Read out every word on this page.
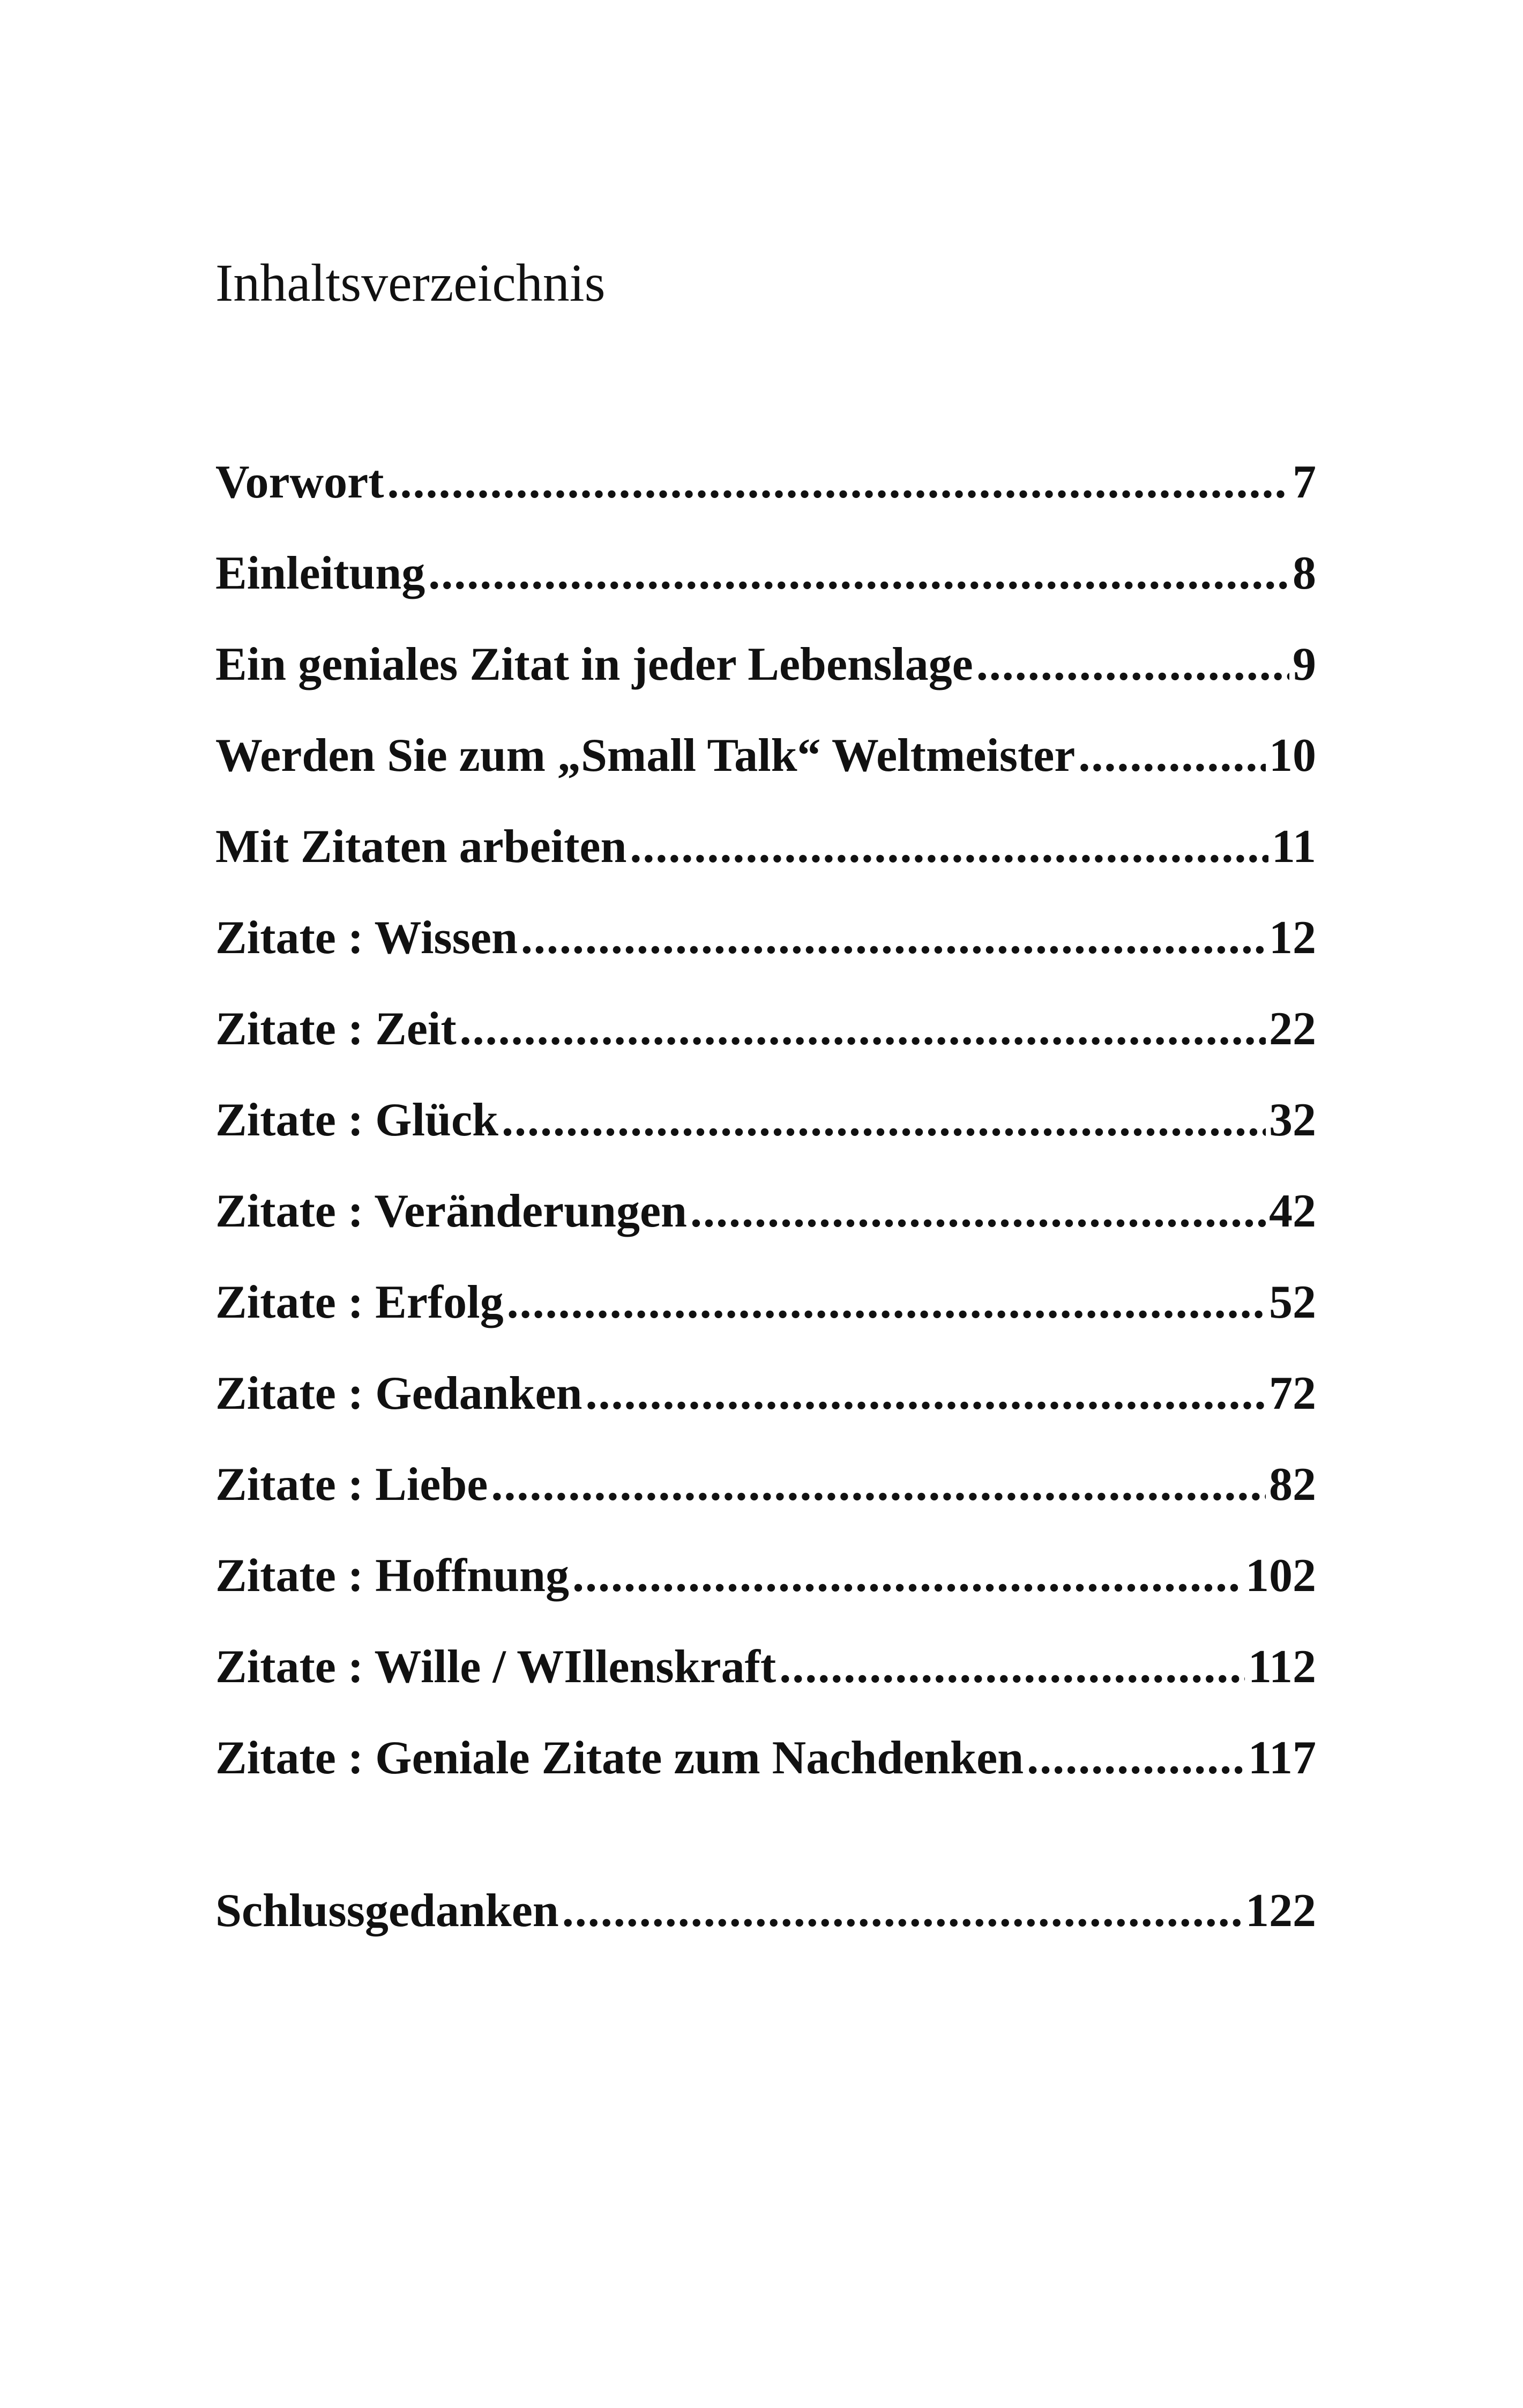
Inhaltsverzeichnis
Vorwort .....	7
Einleitung .....	8
Ein geniales Zitat in jeder Lebenslage .....	9
Werden Sie zum „Small Talk“ Weltmeister .....	10
Mit Zitaten arbeiten .....	11
Zitate : Wissen .....	12
Zitate : Zeit .....	22
Zitate : Glück .....	32
Zitate : Veränderungen .....	42
Zitate : Erfolg .....	52
Zitate : Gedanken .....	72
Zitate : Liebe .....	82
Zitate : Hoffnung .....	102
Zitate : Wille / WIllenskraft .....	112
Zitate : Geniale Zitate zum Nachdenken .....	117
Schlussgedanken .....	122
